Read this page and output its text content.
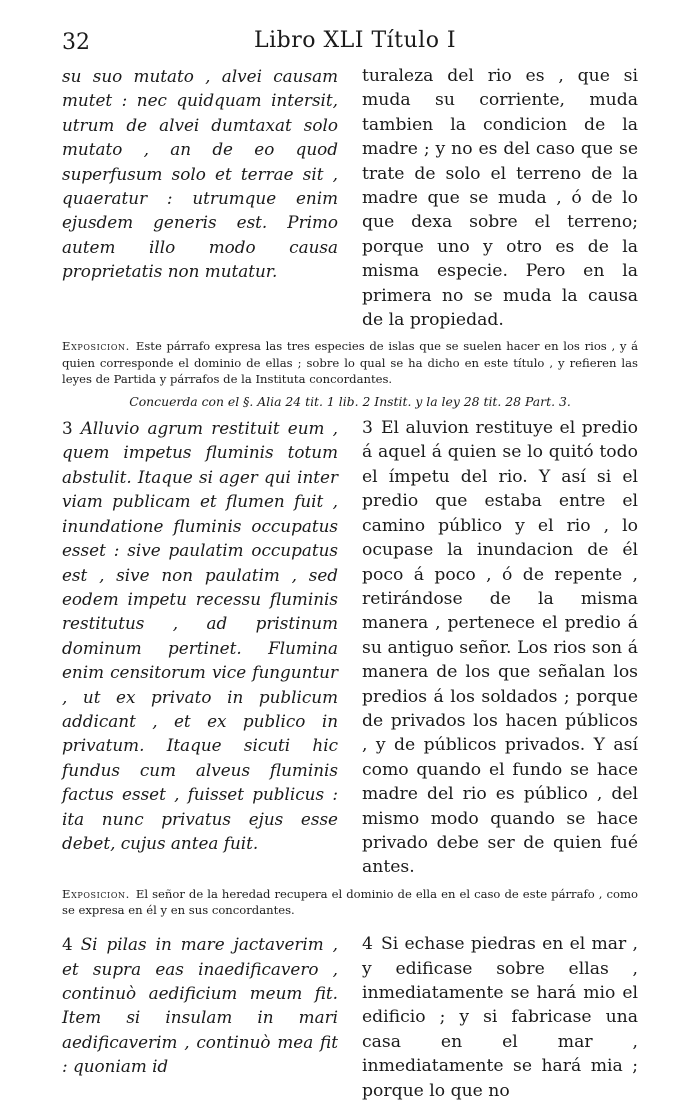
32	Libro XLI Título I

su suo mutato , alvei causam mutet : nec quidquam intersit, utrum de alvei dumtaxat solo mutato , an de eo quod superfusum solo et terrae sit , quaeratur : utrumque enim ejusdem generis est. Primo autem illo modo causa proprietatis non mutatur.

turaleza del rio es , que si muda su corriente, muda tambien la condicion de la madre ; y no es del caso que se trate de solo el terreno de la madre que se muda , ó de lo que dexa sobre el terreno; porque uno y otro es de la misma especie. Pero en la primera no se muda la causa de la propiedad.

Exposicion. Este párrafo expresa las tres especies de islas que se suelen hacer en los rios , y á quien corresponde el dominio de ellas ; sobre lo qual se ha dicho en este título , y refieren las leyes de Partida y párrafos de la Instituta concordantes.

Concuerda con el §. Alia 24 tit. 1 lib. 2 Instit. y la ley 28 tit. 28 Part. 3.

3 Alluvio agrum restituit eum , quem impetus fluminis totum abstulit. Itaque si ager qui inter viam publicam et flumen fuit , inundatione fluminis occupatus esset : sive paulatim occupatus est , sive non paulatim , sed eodem impetu recessu fluminis restitutus , ad pristinum dominum pertinet. Flumina enim censitorum vice funguntur , ut ex privato in publicum addicant , et ex publico in privatum. Itaque sicuti hic fundus cum alveus fluminis factus esset , fuisset publicus : ita nunc privatus ejus esse debet, cujus antea fuit.

3 El aluvion restituye el predio á aquel á quien se lo quitó todo el ímpetu del rio. Y así si el predio que estaba entre el camino público y el rio , lo ocupase la inundacion de él poco á poco , ó de repente , retirándose de la misma manera , pertenece el predio á su antiguo señor. Los rios son á manera de los que señalan los predios á los soldados ; porque de privados los hacen públicos , y de públicos privados. Y así como quando el fundo se hace madre del rio es público , del mismo modo quando se hace privado debe ser de quien fué antes.

Exposicion. El señor de la heredad recupera el dominio de ella en el caso de este párrafo , como se expresa en él y en sus concordantes.

4 Si pilas in mare jactaverim , et supra eas inaedificavero , continuò aedificium meum fit. Item si insulam in mari aedificaverim , continuò mea fit : quoniam id

4 Si echase piedras en el mar , y edificase sobre ellas , inmediatamente se hará mio el edificio ; y si fabricase una casa en el mar , inmediatamente se hará mia ; porque lo que no
